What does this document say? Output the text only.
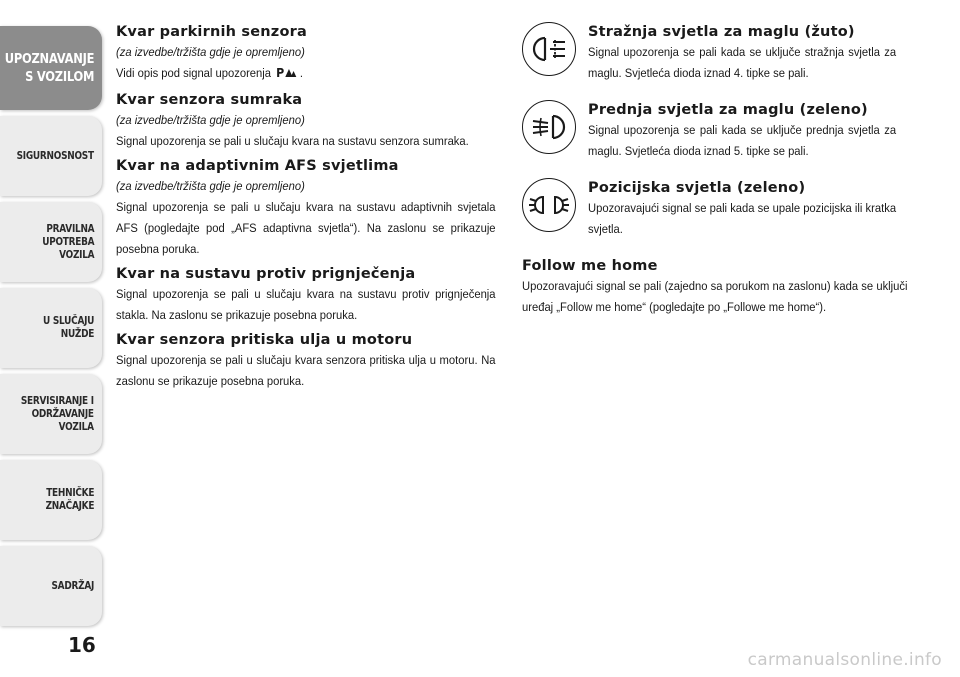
UPOZNAVANJE
S VOZILOM
SIGURNOSNOST
PRAVILNA
UPOTREBA
VOZILA
U SLUČAJU
NUŽDE
SERVISIRANJE I
ODRŽAVANJE
VOZILA
TEHNIČKE
ZNAČAJKE
SADRŽAJ
16
Kvar parkirnih senzora

(za izvedbe/tržišta gdje je opremljeno)

Vidi opis pod signal upozorenja P .

Kvar senzora sumraka

(za izvedbe/tržišta gdje je opremljeno)

Signal upozorenja se pali u slučaju kvara na sustavu senzora sumraka.

Kvar na adaptivnim AFS svjetlima

(za izvedbe/tržišta gdje je opremljeno)

Signal upozorenja se pali u slučaju kvara na sustavu adaptivnih svjetala AFS (pogledajte pod „AFS adaptivna svjetla“). Na zaslonu se prikazuje posebna poruka.

Kvar na sustavu protiv prignječenja

Signal upozorenja se pali u slučaju kvara na sustavu protiv prignječenja stakla. Na zaslonu se prikazuje posebna poruka.

Kvar senzora pritiska ulja u motoru

Signal upozorenja se pali u slučaju kvara senzora pritiska ulja u motoru. Na zaslonu se prikazuje posebna poruka.

Stražnja svjetla za maglu (žuto)

Signal upozorenja se pali kada se uključe stražnja svjetla za maglu. Svjetleća dioda iznad 4. tipke se pali.

Prednja svjetla za maglu (zeleno)

Signal upozorenja se pali kada se uključe prednja svjetla za maglu. Svjetleća dioda iznad 5. tipke se pali.

Pozicijska svjetla (zeleno)

Upozoravajući signal se pali kada se upale pozicijska ili kratka svjetla.

Follow me home

Upozoravajući signal se pali (zajedno sa porukom na zaslonu) kada se uključi uređaj „Follow me home“ (pogledajte po „Followe me home“).

carmanualsonline.info
